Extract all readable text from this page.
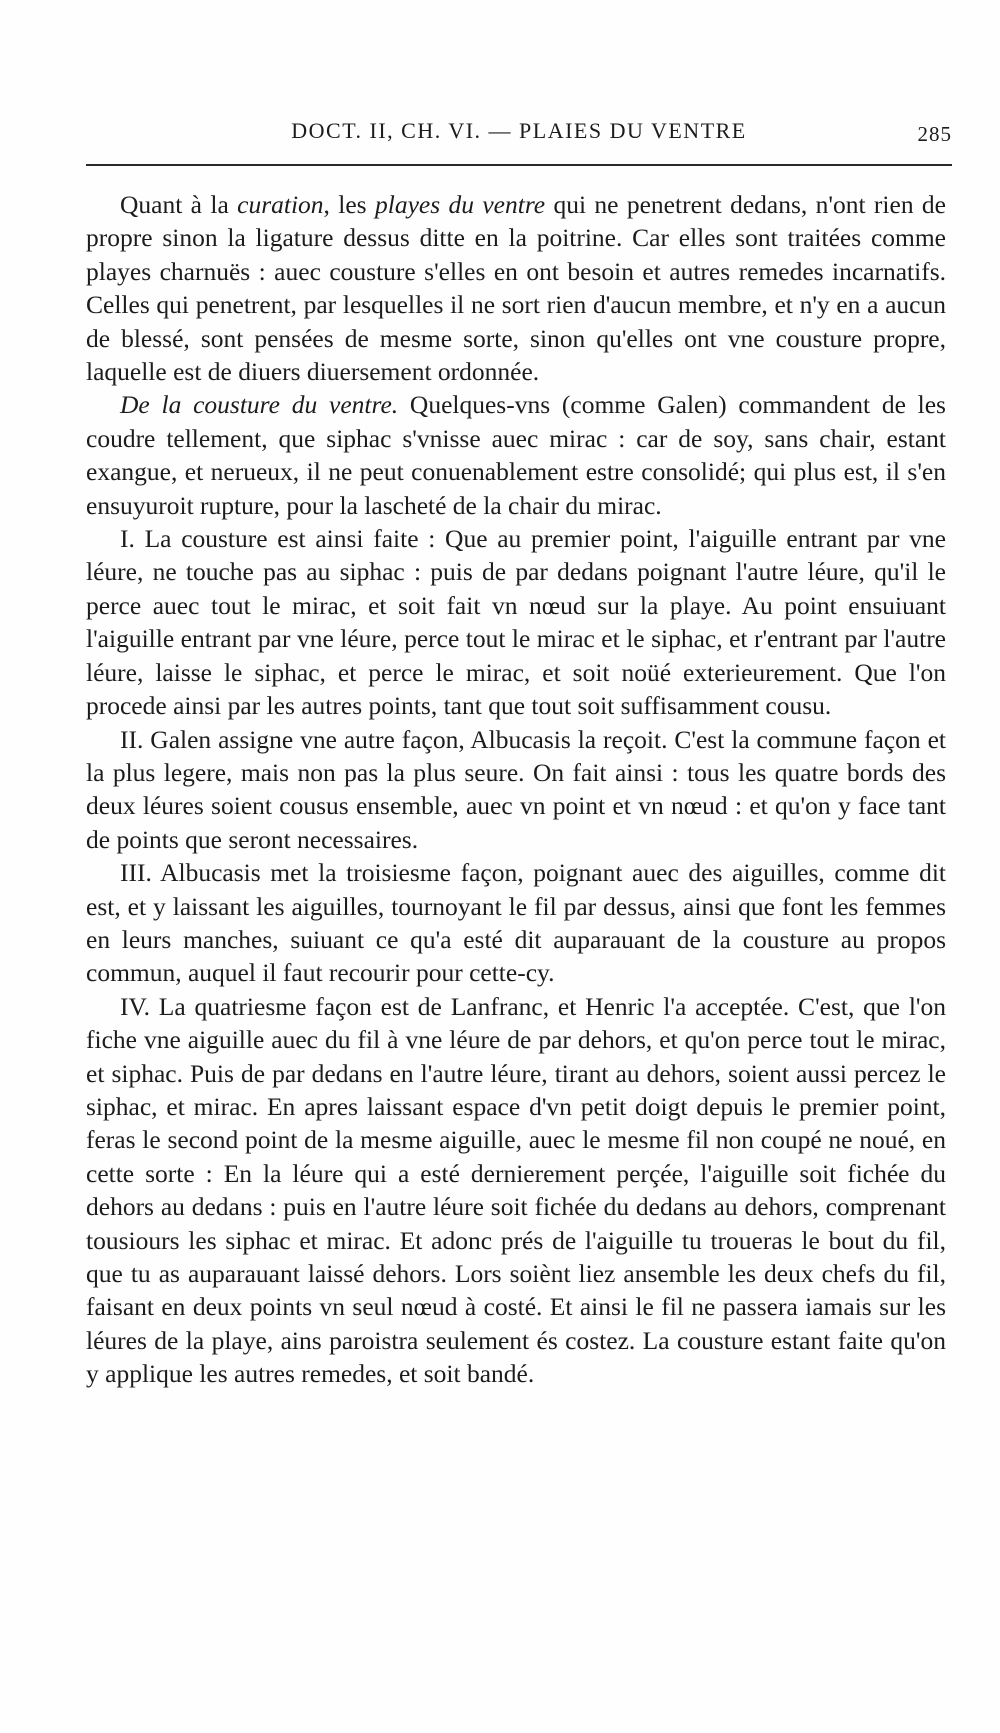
DOCT. II, CH. VI. — PLAIES DU VENTRE	285

Quant à la curation, les playes du ventre qui ne penetrent dedans, n'ont rien de propre sinon la ligature dessus ditte en la poitrine. Car elles sont traitées comme playes charnuës : auec cousture s'elles en ont besoin et autres remedes incarnatifs. Celles qui penetrent, par lesquelles il ne sort rien d'aucun membre, et n'y en a aucun de blessé, sont pensées de mesme sorte, sinon qu'elles ont vne cousture propre, laquelle est de diuers diuersement ordonnée.

De la cousture du ventre. Quelques-vns (comme Galen) commandent de les coudre tellement, que siphac s'vnisse auec mirac : car de soy, sans chair, estant exangue, et nerueux, il ne peut conuenablement estre consolidé; qui plus est, il s'en ensuyuroit rupture, pour la lascheté de la chair du mirac.

I. La cousture est ainsi faite : Que au premier point, l'aiguille entrant par vne léure, ne touche pas au siphac : puis de par dedans poignant l'autre léure, qu'il le perce auec tout le mirac, et soit fait vn nœud sur la playe. Au point ensuiuant l'aiguille entrant par vne léure, perce tout le mirac et le siphac, et r'entrant par l'autre léure, laisse le siphac, et perce le mirac, et soit noüé exterieurement. Que l'on procede ainsi par les autres points, tant que tout soit suffisamment cousu.

II. Galen assigne vne autre façon, Albucasis la reçoit. C'est la commune façon et la plus legere, mais non pas la plus seure. On fait ainsi : tous les quatre bords des deux léures soient cousus ensemble, auec vn point et vn nœud : et qu'on y face tant de points que seront necessaires.

III. Albucasis met la troisiesme façon, poignant auec des aiguilles, comme dit est, et y laissant les aiguilles, tournoyant le fil par dessus, ainsi que font les femmes en leurs manches, suiuant ce qu'a esté dit auparauant de la cousture au propos commun, auquel il faut recourir pour cette-cy.

IV. La quatriesme façon est de Lanfranc, et Henric l'a acceptée. C'est, que l'on fiche vne aiguille auec du fil à vne léure de par dehors, et qu'on perce tout le mirac, et siphac. Puis de par dedans en l'autre léure, tirant au dehors, soient aussi percez le siphac, et mirac. En apres laissant espace d'vn petit doigt depuis le premier point, feras le second point de la mesme aiguille, auec le mesme fil non coupé ne noué, en cette sorte : En la léure qui a esté dernierement perçée, l'aiguille soit fichée du dehors au dedans : puis en l'autre léure soit fichée du dedans au dehors, comprenant tousiours les siphac et mirac. Et adonc prés de l'aiguille tu troueras le bout du fil, que tu as auparauant laissé dehors. Lors soiènt liez ansemble les deux chefs du fil, faisant en deux points vn seul nœud à costé. Et ainsi le fil ne passera iamais sur les léures de la playe, ains paroistra seulement és costez. La cousture estant faite qu'on y applique les autres remedes, et soit bandé.
